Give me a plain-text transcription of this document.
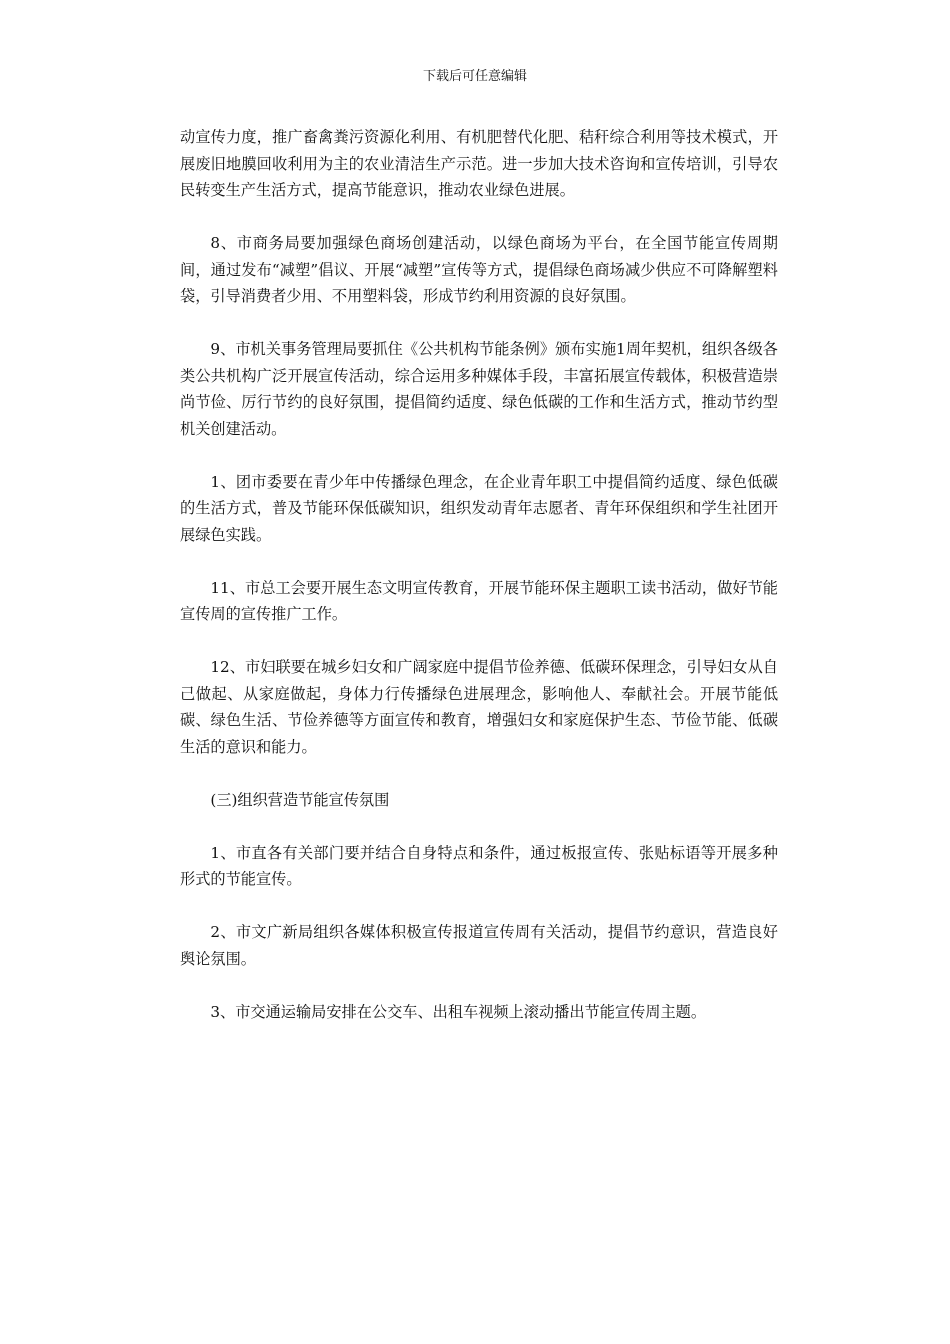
下载后可任意编辑

动宣传力度，推广畜禽粪污资源化利用、有机肥替代化肥、秸秆综合利用等技术模式，开展废旧地膜回收利用为主的农业清洁生产示范。进一步加大技术咨询和宣传培训，引导农民转变生产生活方式，提高节能意识，推动农业绿色进展。

8、市商务局要加强绿色商场创建活动，以绿色商场为平台，在全国节能宣传周期间，通过发布“减塑”倡议、开展“减塑”宣传等方式，提倡绿色商场减少供应不可降解塑料袋，引导消费者少用、不用塑料袋，形成节约利用资源的良好氛围。

9、市机关事务管理局要抓住《公共机构节能条例》颁布实施1周年契机，组织各级各类公共机构广泛开展宣传活动，综合运用多种媒体手段，丰富拓展宣传载体，积极营造崇尚节俭、厉行节约的良好氛围，提倡简约适度、绿色低碳的工作和生活方式，推动节约型机关创建活动。

1、团市委要在青少年中传播绿色理念，在企业青年职工中提倡简约适度、绿色低碳的生活方式，普及节能环保低碳知识，组织发动青年志愿者、青年环保组织和学生社团开展绿色实践。

11、市总工会要开展生态文明宣传教育，开展节能环保主题职工读书活动，做好节能宣传周的宣传推广工作。

12、市妇联要在城乡妇女和广阔家庭中提倡节俭养德、低碳环保理念，引导妇女从自己做起、从家庭做起，身体力行传播绿色进展理念，影响他人、奉献社会。开展节能低碳、绿色生活、节俭养德等方面宣传和教育，增强妇女和家庭保护生态、节俭节能、低碳生活的意识和能力。

(三)组织营造节能宣传氛围

1、市直各有关部门要并结合自身特点和条件，通过板报宣传、张贴标语等开展多种形式的节能宣传。

2、市文广新局组织各媒体积极宣传报道宣传周有关活动，提倡节约意识，营造良好舆论氛围。

3、市交通运输局安排在公交车、出租车视频上滚动播出节能宣传周主题。
